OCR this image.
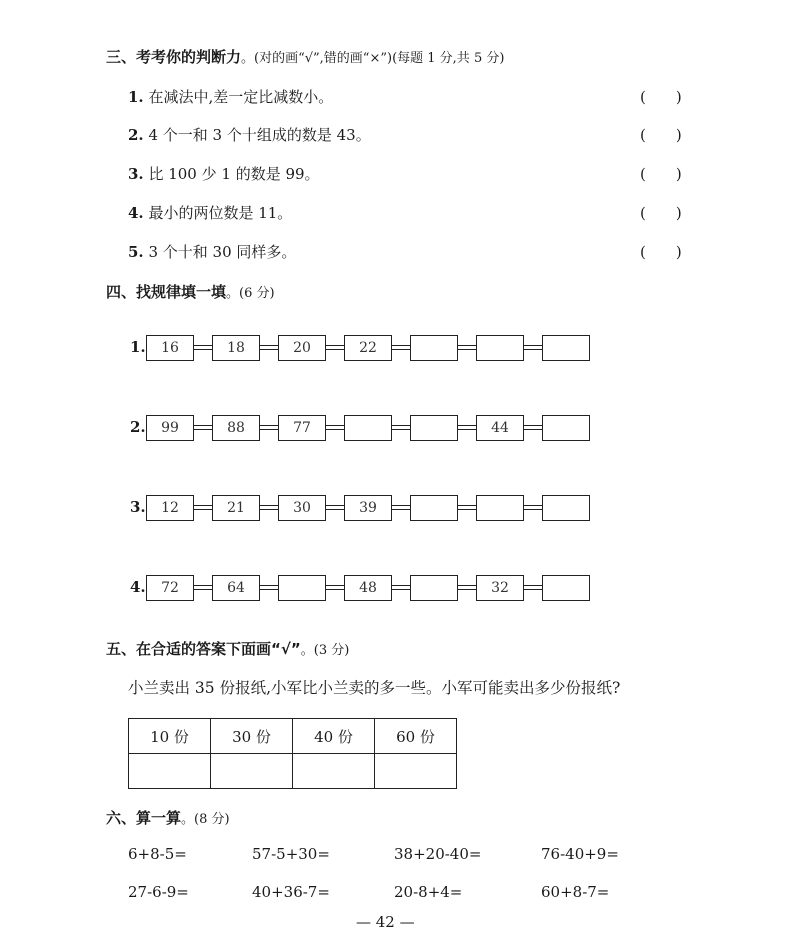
三、考考你的判断力。(对的画“√”,错的画“×”)(每题 1 分,共 5 分)
1. 在减法中,差一定比减数小。	(　　)
2. 4 个一和 3 个十组成的数是 43。	(　　)
3. 比 100 少 1 的数是 99。	(　　)
4. 最小的两位数是 11。	(　　)
5. 3 个十和 30 同样多。	(　　)
四、找规律填一填。(6 分)
1.	16	18	20	22
2.	99	88	77	44
3.	12	21	30	39
4.	72	64	48	32
五、在合适的答案下面画“√”。(3 分)
小兰卖出 35 份报纸,小军比小兰卖的多一些。小军可能卖出多少份报纸?
10 份	30 份	40 份	60 份

六、算一算。(8 分)
6+8-5=	57-5+30=	38+20-40=	76-40+9=
27-6-9=	40+36-7=	20-8+4=	60+8-7=
— 42 —
